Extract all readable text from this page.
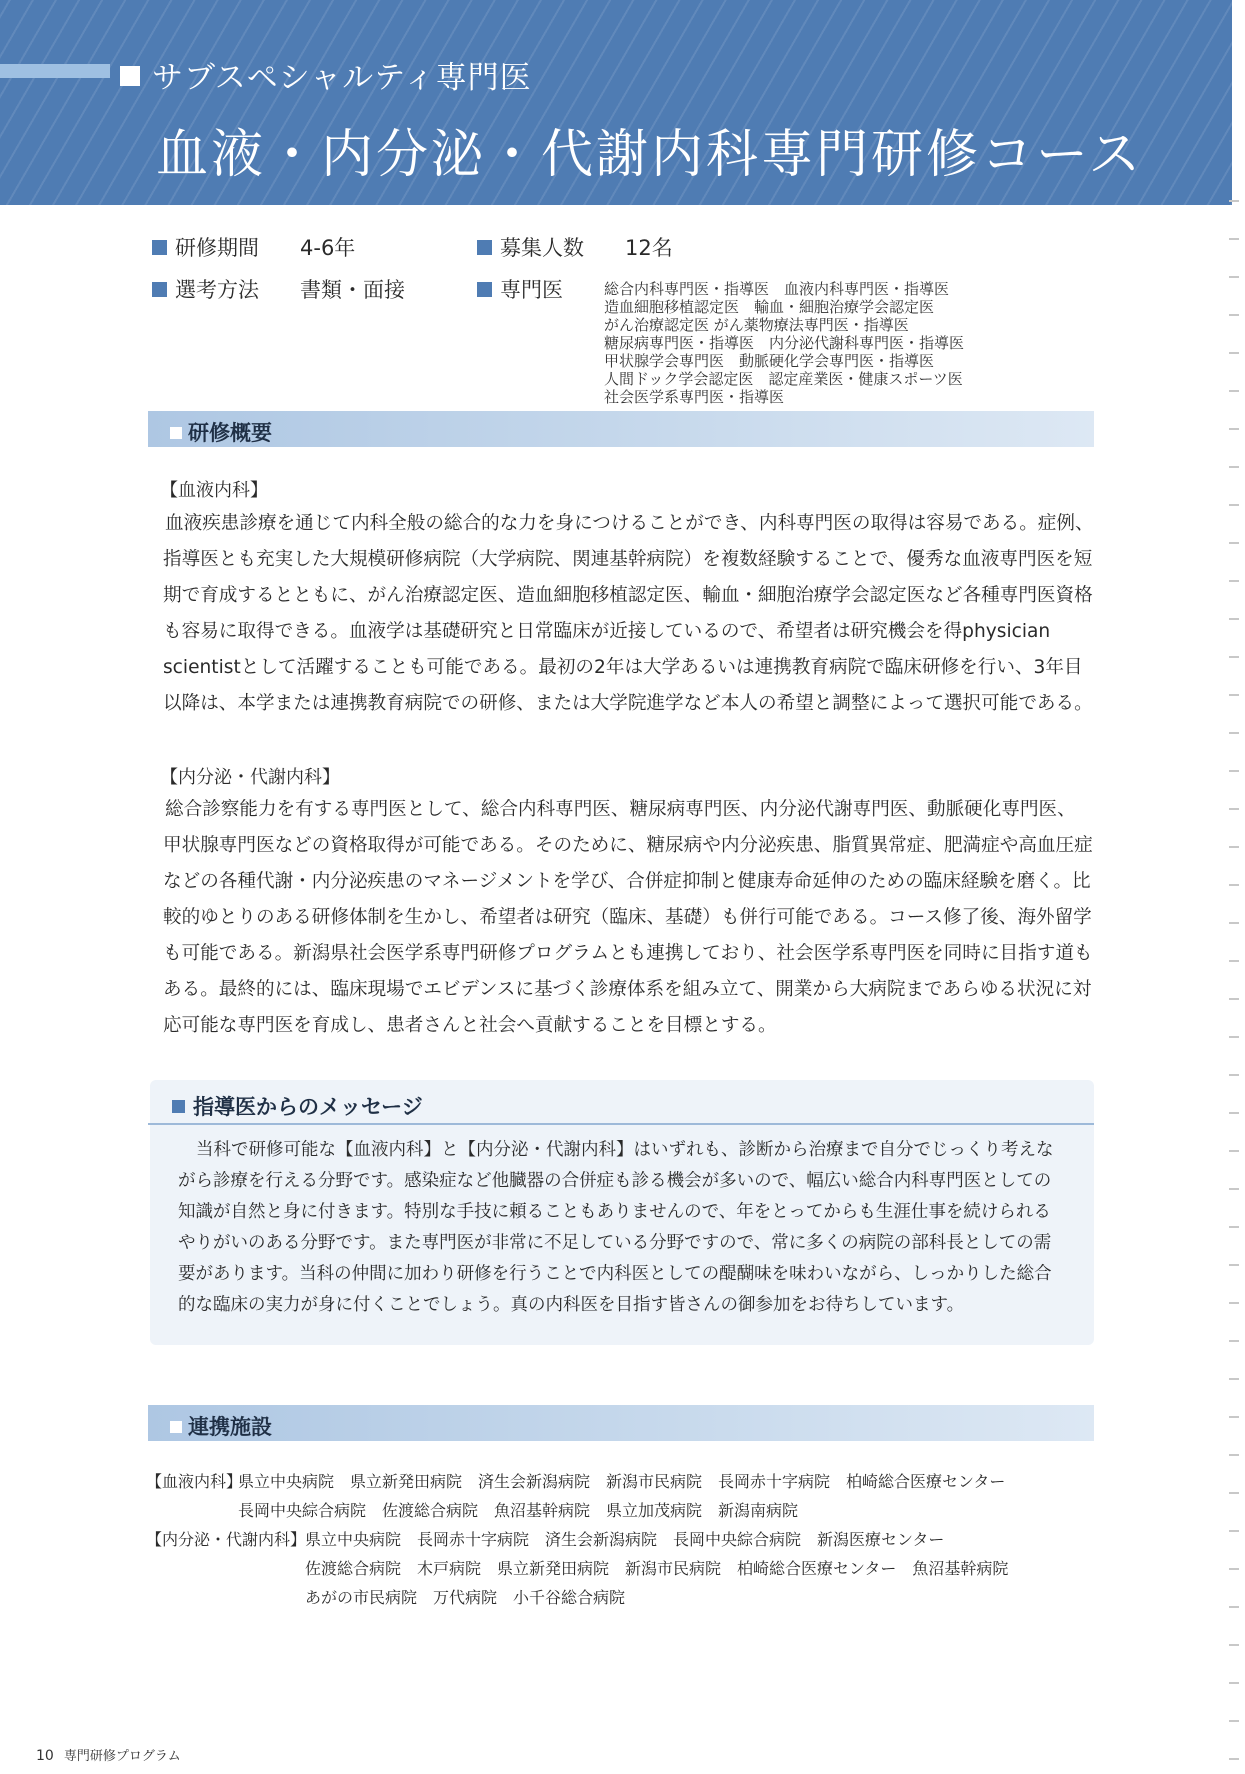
サブスペシャルティ専門医
血液・内分泌・代謝内科専門研修コース
研修期間 4-6年	募集人数 12名
選考方法 書類・面接	専門医	総合内科専門医・指導医　血液内科専門医・指導医
造血細胞移植認定医　輸血・細胞治療学会認定医
がん治療認定医 がん薬物療法専門医・指導医
糖尿病専門医・指導医　内分泌代謝科専門医・指導医
甲状腺学会専門医　動脈硬化学会専門医・指導医
人間ドック学会認定医　認定産業医・健康スポーツ医
社会医学系専門医・指導医
研修概要
【血液内科】

血液疾患診療を通じて内科全般の総合的な力を身につけることができ、内科専門医の取得は容易である。症例、

指導医とも充実した大規模研修病院（大学病院、関連基幹病院）を複数経験することで、優秀な血液専門医を短

期で育成するとともに、がん治療認定医、造血細胞移植認定医、輸血・細胞治療学会認定医など各種専門医資格

も容易に取得できる。血液学は基礎研究と日常臨床が近接しているので、希望者は研究機会を得physician

scientistとして活躍することも可能である。最初の2年は大学あるいは連携教育病院で臨床研修を行い、3年目

以降は、本学または連携教育病院での研修、または大学院進学など本人の希望と調整によって選択可能である。

【内分泌・代謝内科】

総合診察能力を有する専門医として、総合内科専門医、糖尿病専門医、内分泌代謝専門医、動脈硬化専門医、

甲状腺専門医などの資格取得が可能である。そのために、糖尿病や内分泌疾患、脂質異常症、肥満症や高血圧症

などの各種代謝・内分泌疾患のマネージメントを学び、合併症抑制と健康寿命延伸のための臨床経験を磨く。比

較的ゆとりのある研修体制を生かし、希望者は研究（臨床、基礎）も併行可能である。コース修了後、海外留学

も可能である。新潟県社会医学系専門研修プログラムとも連携しており、社会医学系専門医を同時に目指す道も

ある。最終的には、臨床現場でエビデンスに基づく診療体系を組み立て、開業から大病院まであらゆる状況に対

応可能な専門医を育成し、患者さんと社会へ貢献することを目標とする。

指導医からのメッセージ

当科で研修可能な【血液内科】と【内分泌・代謝内科】はいずれも、診断から治療まで自分でじっくり考えな

がら診療を行える分野です。感染症など他臓器の合併症も診る機会が多いので、幅広い総合内科専門医としての

知識が自然と身に付きます。特別な手技に頼ることもありませんので、年をとってからも生涯仕事を続けられる

やりがいのある分野です。また専門医が非常に不足している分野ですので、常に多くの病院の部科長としての需

要があります。当科の仲間に加わり研修を行うことで内科医としての醍醐味を味わいながら、しっかりした総合

的な臨床の実力が身に付くことでしょう。真の内科医を目指す皆さんの御参加をお待ちしています。

連携施設
【血液内科】
県立中央病院　県立新発田病院　済生会新潟病院　新潟市民病院　長岡赤十字病院　柏崎総合医療センター
長岡中央綜合病院　佐渡総合病院　魚沼基幹病院　県立加茂病院　新潟南病院
【内分泌・代謝内科】
県立中央病院　長岡赤十字病院　済生会新潟病院　長岡中央綜合病院　新潟医療センター
佐渡総合病院　木戸病院　県立新発田病院　新潟市民病院　柏崎総合医療センター　魚沼基幹病院
あがの市民病院　万代病院　小千谷総合病院
10 専門研修プログラム
